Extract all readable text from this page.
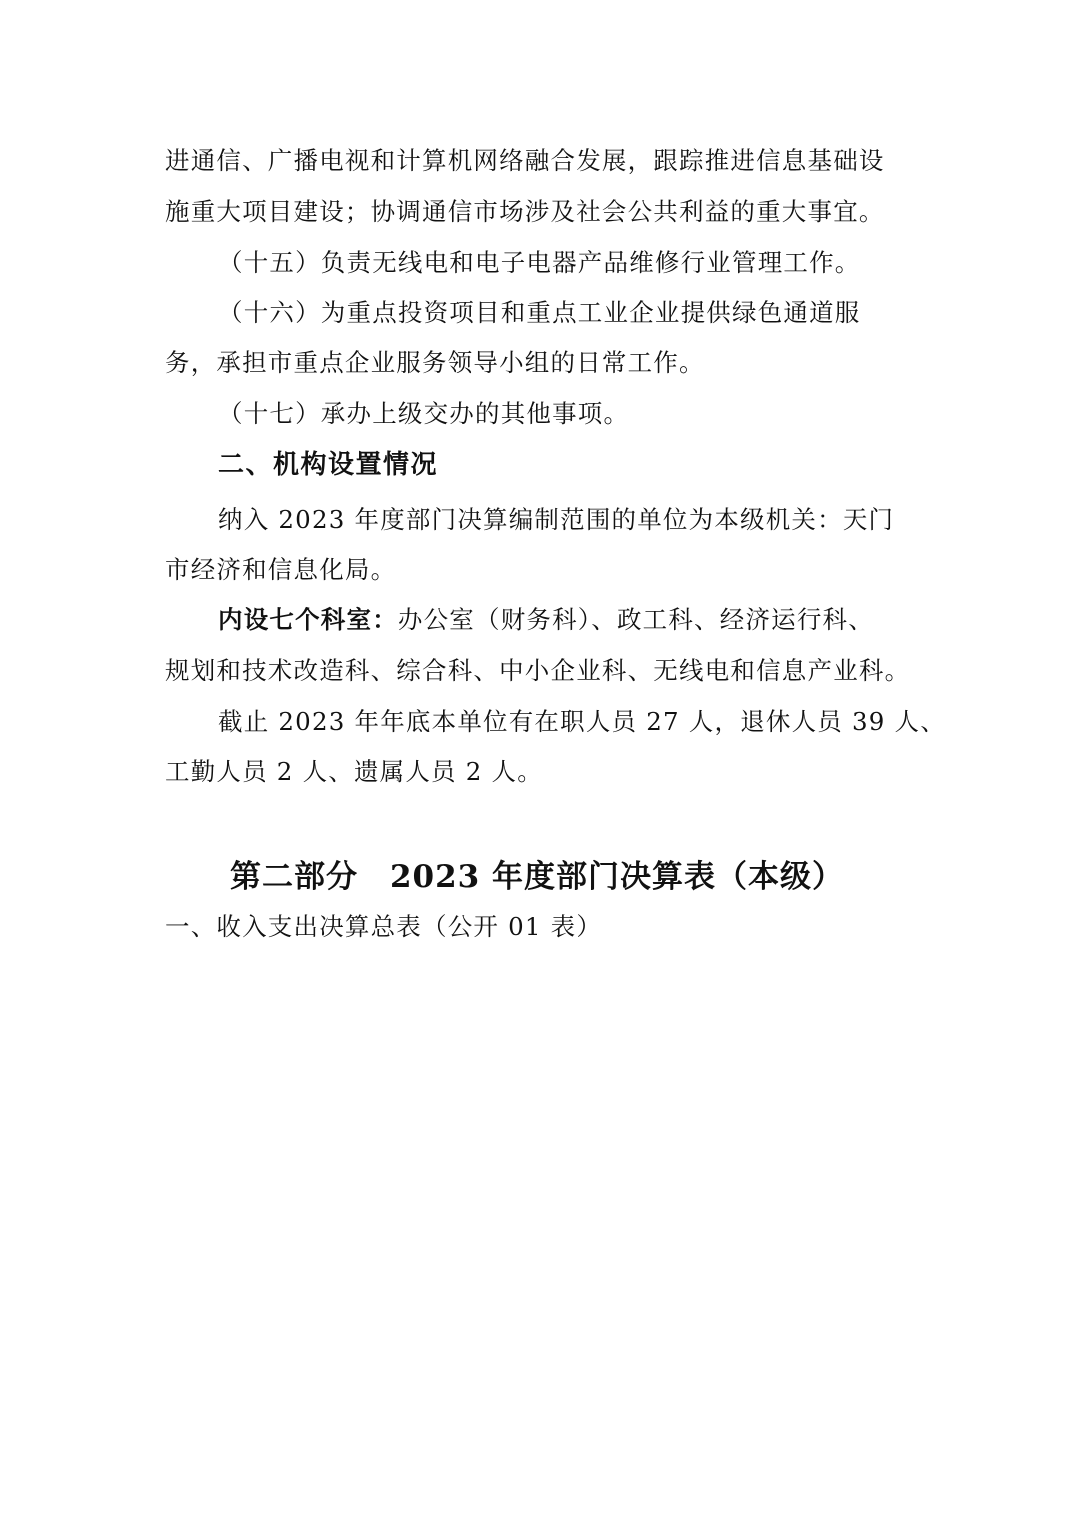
进通信、广播电视和计算机网络融合发展，跟踪推进信息基础设
施重大项目建设；协调通信市场涉及社会公共利益的重大事宜。
（十五）负责无线电和电子电器产品维修行业管理工作。
（十六）为重点投资项目和重点工业企业提供绿色通道服
务，承担市重点企业服务领导小组的日常工作。
（十七）承办上级交办的其他事项。
二、机构设置情况
纳入 2023 年度部门决算编制范围的单位为本级机关：天门
市经济和信息化局。
内设七个科室：办公室（财务科）、政工科、经济运行科、
规划和技术改造科、综合科、中小企业科、无线电和信息产业科。
截止 2023 年年底本单位有在职人员 27 人，退休人员 39 人、
工勤人员 2 人、遗属人员 2 人。
第二部分　2023 年度部门决算表（本级）
一、收入支出决算总表（公开 01 表）
